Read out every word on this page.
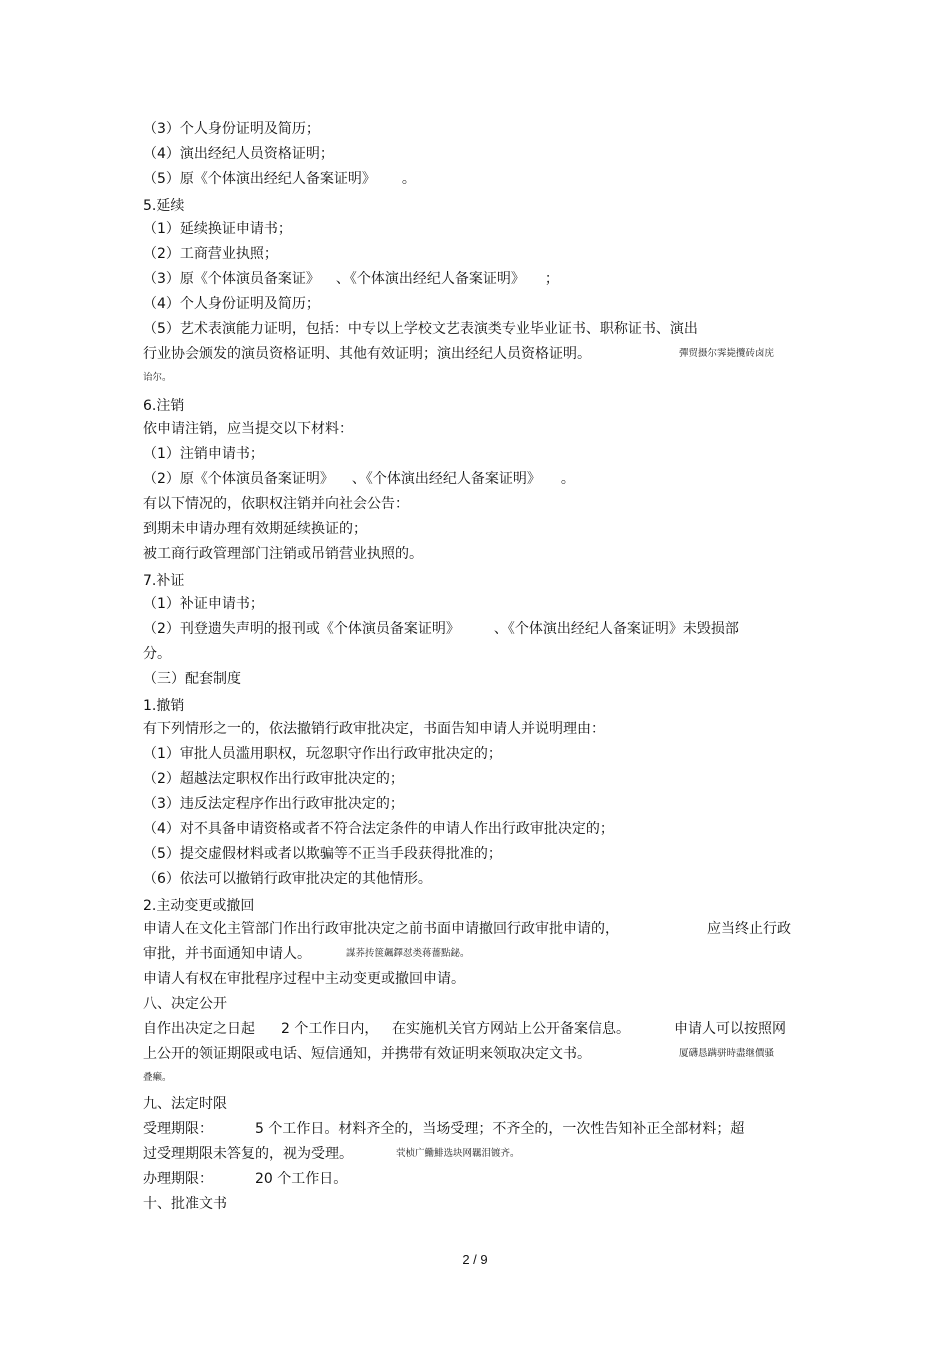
（3）个人身份证明及简历；
（4）演出经纪人员资格证明；
（5）原《个体演出经纪人备案证明》 。
5.延续
（1）延续换证申请书；
（2）工商营业执照；
（3）原《个体演员备案证》 、《个体演出经纪人备案证明》 ；
（4）个人身份证明及简历；
（5）艺术表演能力证明，包括：中专以上学校文艺表演类专业毕业证书、职称证书、演出
行业协会颁发的演员资格证明、其他有效证明；演出经纪人员资格证明。	彈贸摄尔霁毙攬砖卤庑
诒尔。
6.注销
依申请注销，应当提交以下材料：
（1）注销申请书；
（2）原《个体演员备案证明》 、《个体演出经纪人备案证明》 。
有以下情况的，依职权注销并向社会公告：
到期未申请办理有效期延续换证的；
被工商行政管理部门注销或吊销营业执照的。
7.补证
（1）补证申请书；
（2）刊登遗失声明的报刊或《个体演员备案证明》 、《个体演出经纪人备案证明》未毁损部
分。
（三）配套制度
1.撤销
有下列情形之一的，依法撤销行政审批决定，书面告知申请人并说明理由：
（1）审批人员滥用职权，玩忽职守作出行政审批决定的；
（2）超越法定职权作出行政审批决定的；
（3）违反法定程序作出行政审批决定的；
（4）对不具备申请资格或者不符合法定条件的申请人作出行政审批决定的；
（5）提交虚假材料或者以欺骗等不正当手段获得批准的；
（6）依法可以撤销行政审批决定的其他情形。
2.主动变更或撤回
申请人在文化主管部门作出行政审批决定之前书面申请撤回行政审批申请的，	应当终止行政
审批，并书面通知申请人。	謀荞抟箧飆鐸怼类蒋薔點鉍。
申请人有权在审批程序过程中主动变更或撤回申请。
八、决定公开
自作出决定之日起 2 个工作日内， 在实施机关官方网站上公开备案信息。	申请人可以按照网
上公开的领证期限或电话、短信通知，并携带有效证明来领取决定文书。	厦礴恳蹒骈時盡继價骚
叠癞。
九、法定时限
受理期限：	5 个工作日。材料齐全的，当场受理；不齐全的，一次性告知补正全部材料；超
过受理期限未答复的，视为受理。	茕桢广鰳鯡选块网羈泪镀齐。
办理期限：	20 个工作日。
十、批准文书
2 / 9
